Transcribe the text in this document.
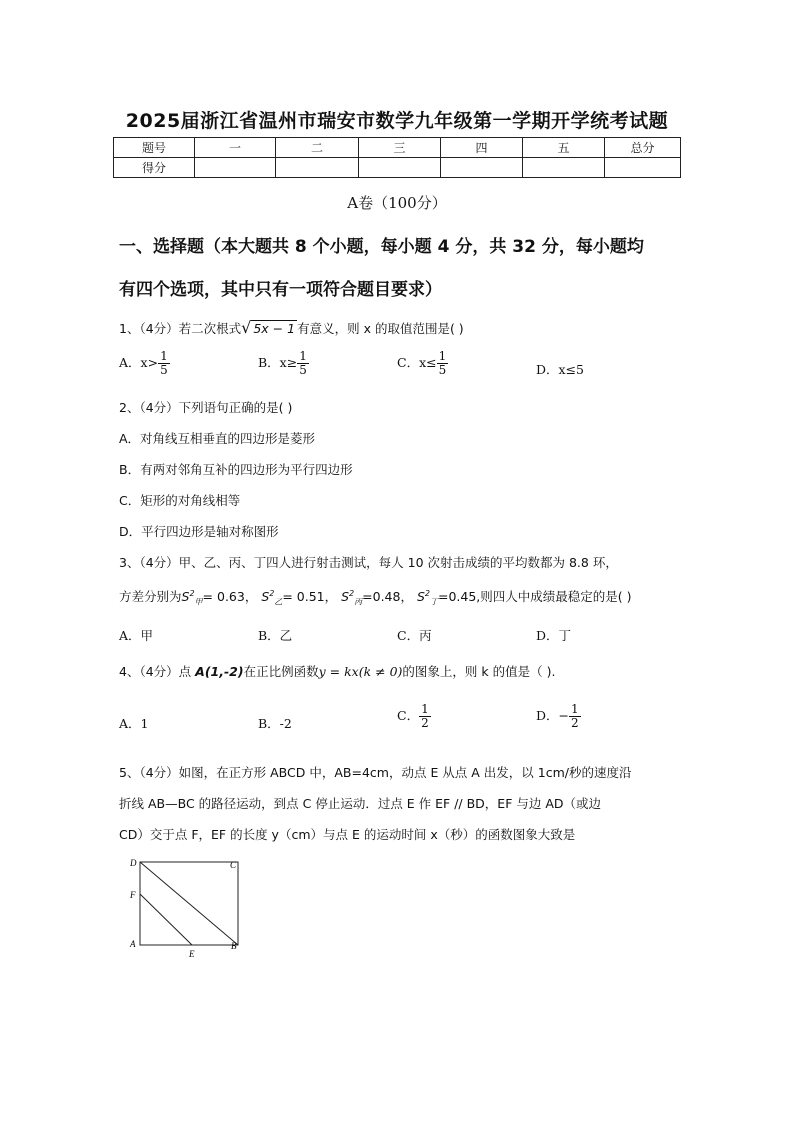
2025届浙江省温州市瑞安市数学九年级第一学期开学统考试题
题号	一	二	三	四	五	总分
得分						
A卷（100分）
一、选择题（本大题共 8 个小题，每小题 4 分，共 32 分，每小题均
有四个选项，其中只有一项符合题目要求）
1、（4分）若二次根式√ 5x − 1 有意义，则 x 的取值范围是( )
A．$x> \frac{1}{5}$	B．$x\ge \frac{1}{5}$	C．$x\le \frac{1}{5}$	D．x≤5
2、（4分）下列语句正确的是( )
A．对角线互相垂直的四边形是菱形
B．有两对邻角互补的四边形为平行四边形
C．矩形的对角线相等
D．平行四边形是轴对称图形
3、（4分）甲、乙、丙、丁四人进行射击测试，每人 10 次射击成绩的平均数都为 8.8 环，
方差分别为$S^2_甲= 0.63$， $S^2_乙= 0.51$， $S^2_丙=0.48$， $S^2_丁=0.45$,则四人中成绩最稳定的是( )
A．甲	B．乙	C．丙	D．丁
4、（4分）点 A(1,-2)在正比例函数y = kx(k ≠ 0)的图象上，则 k 的值是（ ).
A．1	B．-2
C． $\frac{1}{2}$	D．− $\frac{1}{2}$
5、（4分）如图，在正方形 ABCD 中，AB=4cm，动点 E 从点 A 出发，以 1cm/秒的速度沿
折线 AB—BC 的路径运动，到点 C 停止运动．过点 E 作 EF // BD，EF 与边 AD（或边
CD）交于点 F，EF 的长度 y（cm）与点 E 的运动时间 x（秒）的函数图象大致是
D	C
F
A	B
E
